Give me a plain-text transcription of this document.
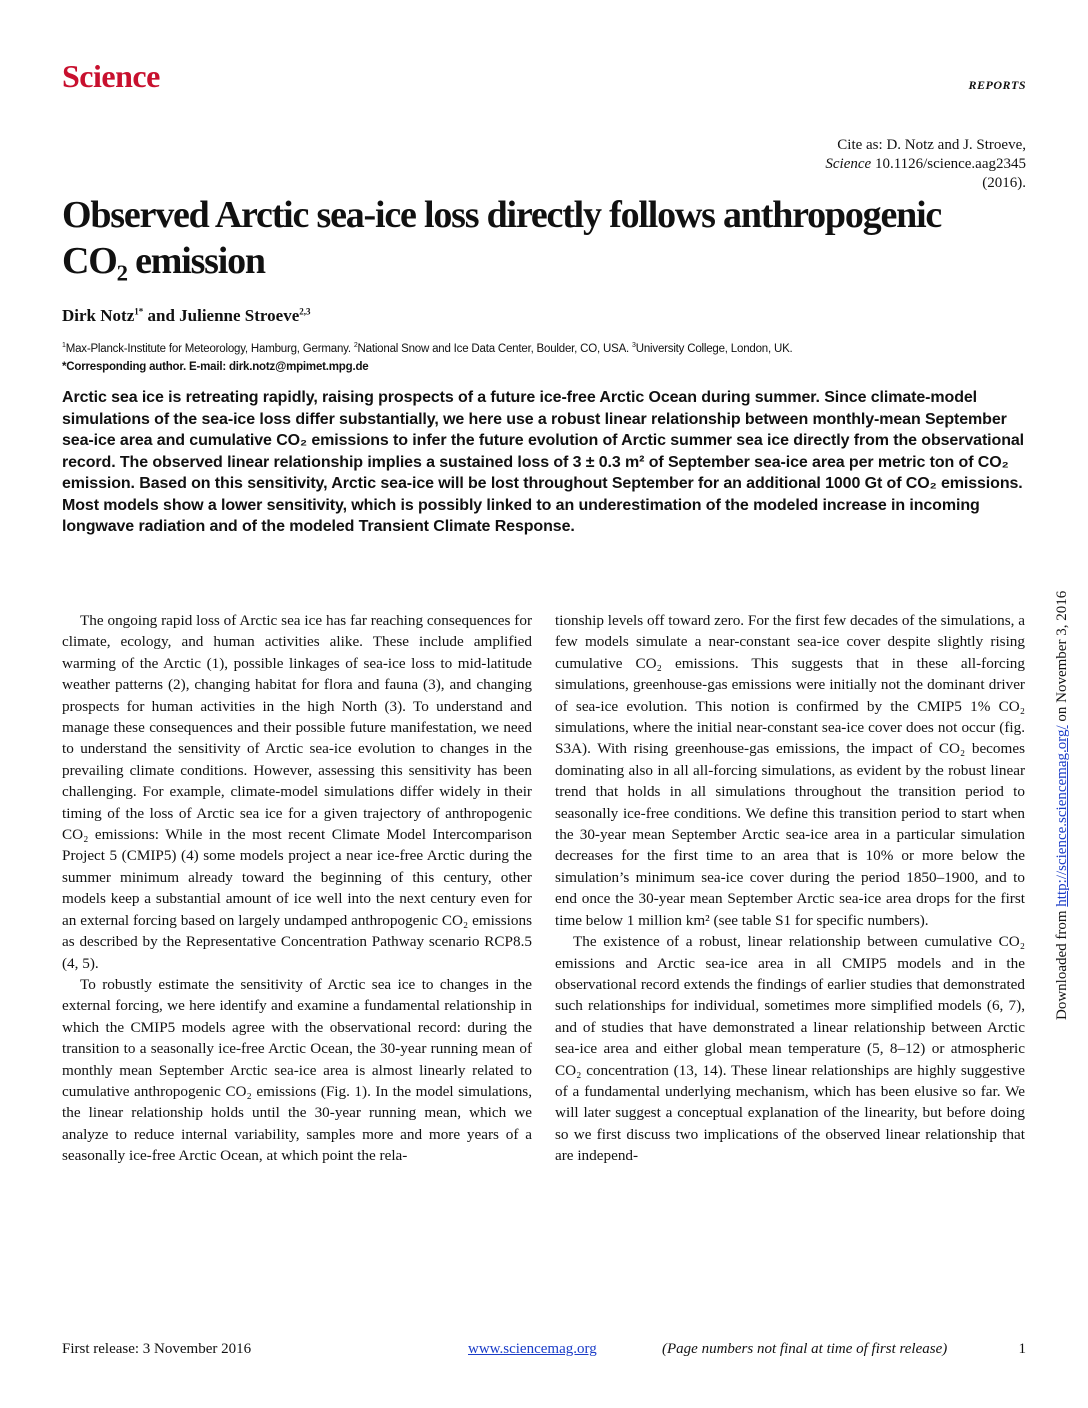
Science	REPORTS
Cite as: D. Notz and J. Stroeve,
Science 10.1126/science.aag2345
(2016).
Observed Arctic sea-ice loss directly follows anthropogenic
CO₂ emission
Dirk Notz$^{1*}$ and Julienne Stroeve$^{2,3}$
$^1$Max-Planck-Institute for Meteorology, Hamburg, Germany. $^2$National Snow and Ice Data Center, Boulder, CO, USA. $^3$University College, London, UK.
*Corresponding author. E-mail: dirk.notz@mpimet.mpg.de

Arctic sea ice is retreating rapidly, raising prospects of a future ice-free Arctic Ocean during summer. Since climate-model simulations of the sea-ice loss differ substantially, we here use a robust linear relationship between monthly-mean September sea-ice area and cumulative CO₂ emissions to infer the future evolution of Arctic summer sea ice directly from the observational record. The observed linear relationship implies a sustained loss of 3 ± 0.3 m² of September sea-ice area per metric ton of CO₂ emission. Based on this sensitivity, Arctic sea-ice will be lost throughout September for an additional 1000 Gt of CO₂ emissions. Most models show a lower sensitivity, which is possibly linked to an underestimation of the modeled increase in incoming longwave radiation and of the modeled Transient Climate Response.

The ongoing rapid loss of Arctic sea ice has far reaching consequences for climate, ecology, and human activities alike. These include amplified warming of the Arctic (1), possible linkages of sea-ice loss to mid-latitude weather patterns (2), changing habitat for flora and fauna (3), and changing prospects for human activities in the high North (3). To understand and manage these consequences and their possible future manifestation, we need to understand the sensitivity of Arctic sea-ice evolution to changes in the prevailing climate conditions. However, assessing this sensitivity has been challenging. For example, climate-model simulations differ widely in their timing of the loss of Arctic sea ice for a given trajectory of anthropogenic CO₂ emissions: While in the most recent Climate Model Intercomparison Project 5 (CMIP5) (4) some models project a near ice-free Arctic during the summer minimum already toward the beginning of this century, other models keep a substantial amount of ice well into the next century even for an external forcing based on largely undamped anthropogenic CO₂ emissions as described by the Representative Concentration Pathway scenario RCP8.5 (4, 5).

To robustly estimate the sensitivity of Arctic sea ice to changes in the external forcing, we here identify and examine a fundamental relationship in which the CMIP5 models agree with the observational record: during the transition to a seasonally ice-free Arctic Ocean, the 30-year running mean of monthly mean September Arctic sea-ice area is almost linearly related to cumulative anthropogenic CO₂ emissions (Fig. 1). In the model simulations, the linear relationship holds until the 30-year running mean, which we analyze to reduce internal variability, samples more and more years of a seasonally ice-free Arctic Ocean, at which point the rela-

tionship levels off toward zero. For the first few decades of the simulations, a few models simulate a near-constant sea-ice cover despite slightly rising cumulative CO₂ emissions. This suggests that in these all-forcing simulations, greenhouse-gas emissions were initially not the dominant driver of sea-ice evolution. This notion is confirmed by the CMIP5 1% CO₂ simulations, where the initial near-constant sea-ice cover does not occur (fig. S3A). With rising greenhouse-gas emissions, the impact of CO₂ becomes dominating also in all all-forcing simulations, as evident by the robust linear trend that holds in all simulations throughout the transition period to seasonally ice-free conditions. We define this transition period to start when the 30-year mean September Arctic sea-ice area in a particular simulation decreases for the first time to an area that is 10% or more below the simulation’s minimum sea-ice cover during the period 1850–1900, and to end once the 30-year mean September Arctic sea-ice area drops for the first time below 1 million km² (see table S1 for specific numbers).

The existence of a robust, linear relationship between cumulative CO₂ emissions and Arctic sea-ice area in all CMIP5 models and in the observational record extends the findings of earlier studies that demonstrated such relationships for individual, sometimes more simplified models (6, 7), and of studies that have demonstrated a linear relationship between Arctic sea-ice area and either global mean temperature (5, 8–12) or atmospheric CO₂ concentration (13, 14). These linear relationships are highly suggestive of a fundamental underlying mechanism, which has been elusive so far. We will later suggest a conceptual explanation of the linearity, but before doing so we first discuss two implications of the observed linear relationship that are independ-

Downloaded from http://science.sciencemag.org/ on November 3, 2016
First release: 3 November 2016	www.sciencemag.org	(Page numbers not final at time of first release)	1
